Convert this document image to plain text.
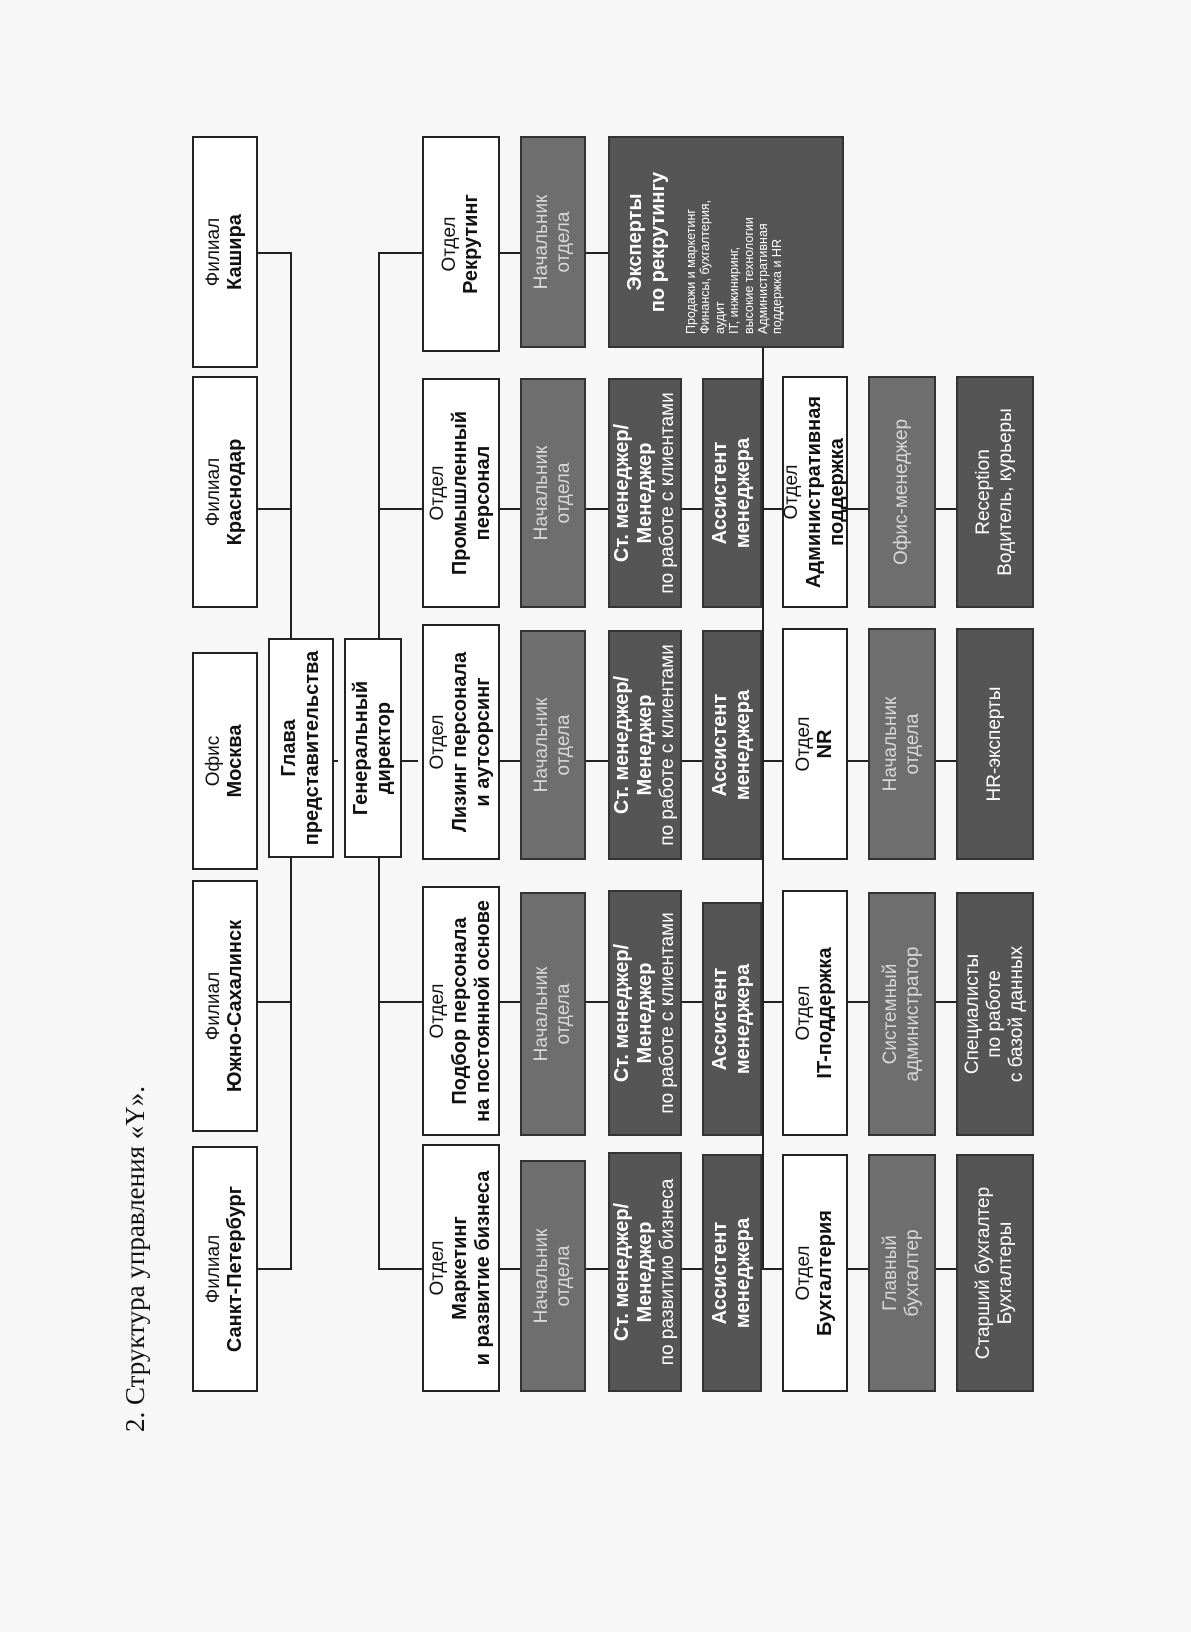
2. Структура управления «Y».	Филиал Санкт-Петербург
Филиал Южно-Сахалинск
Офис Москва
Филиал Краснодар
Филиал Кашира
Глава представительства Генеральный директор
Отдел Маркетинг и развитие бизнеса
Отдел Подбор персонала на постоянной основе
Отдел Лизинг персонала и аутсорсинг
Отдел Промышленный персонал
Отдел Рекрутинг
Начальник отдела
Начальник отдела
Начальник отдела
Начальник отдела
Начальник отдела
Ст. менеджер/ Менеджер по развитию бизнеса
Ст. менеджер/ Менеджер по работе с клиентами
Ст. менеджер/ Менеджер по работе с клиентами
Ст. менеджер/ Менеджер по работе с клиентами
Эксперты по рекрутингу Продажи и маркетинг Финансы, бухгалтерия, аудит IT, инжиниринг, высокие технологии Административная поддержка и HR
Ассистент менеджера
Ассистент менеджера
Ассистент менеджера
Ассистент менеджера
Отдел Бухгалтерия
Отдел IT-поддержка
Отдел NR
Отдел Административная поддержка
Главный бухгалтер
Системный администратор
Начальник отдела
Офис-менеджер
Старший бухгалтер Бухгалтеры
Специалисты по работе с базой данных
HR-эксперты
Reception Водитель, курьеры
